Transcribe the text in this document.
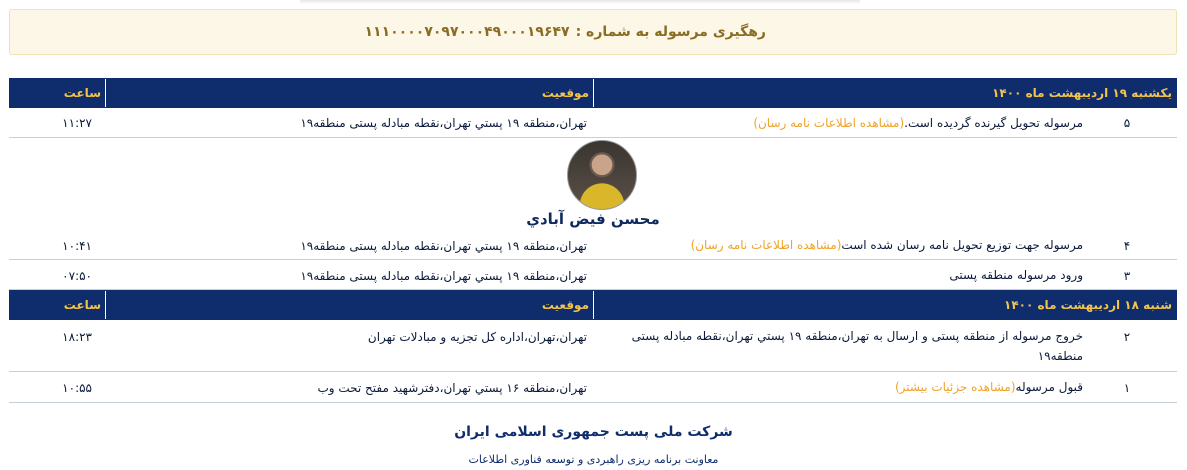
رهگیری مرسوله به شماره :
۱۱۱۰۰۰۰۷۰۹۷۰۰۰۴۹۰۰۰۱۹۶۴۷
یکشنبه ۱۹ اردیبهشت ماه ۱۴۰۰
موقعیت
ساعت
۵
مرسوله تحویل گیرنده گردیده است.(مشاهده اطلاعات نامه رسان)
تهران،منطقه ۱۹ پستي تهران،نقطه مبادله پستی منطقه۱۹
۱۱:۲۷
محسن فیض آبادي
۴
مرسوله جهت توزیع تحویل نامه رسان شده است(مشاهده اطلاعات نامه رسان)
تهران،منطقه ۱۹ پستي تهران،نقطه مبادله پستی منطقه۱۹
۱۰:۴۱
۳
ورود مرسوله منطقه پستی
تهران،منطقه ۱۹ پستي تهران،نقطه مبادله پستی منطقه۱۹
۰۷:۵۰
شنبه ۱۸ اردیبهشت ماه ۱۴۰۰
موقعیت
ساعت
۲
خروج مرسوله از منطقه پستی و ارسال به تهران،منطقه ۱۹ پستي تهران،نقطه مبادله پستی منطقه۱۹
تهران،تهران،اداره کل تجزیه و مبادلات تهران
۱۸:۲۳
۱
قبول مرسوله(مشاهده جزئیات بیشتر)
تهران،منطقه ۱۶ پستي تهران،دفترشهید مفتح تحت وب
۱۰:۵۵
شرکت ملی پست جمهوری اسلامی ایران
معاونت برنامه ریزی راهبردی و توسعه فناوری اطلاعات
